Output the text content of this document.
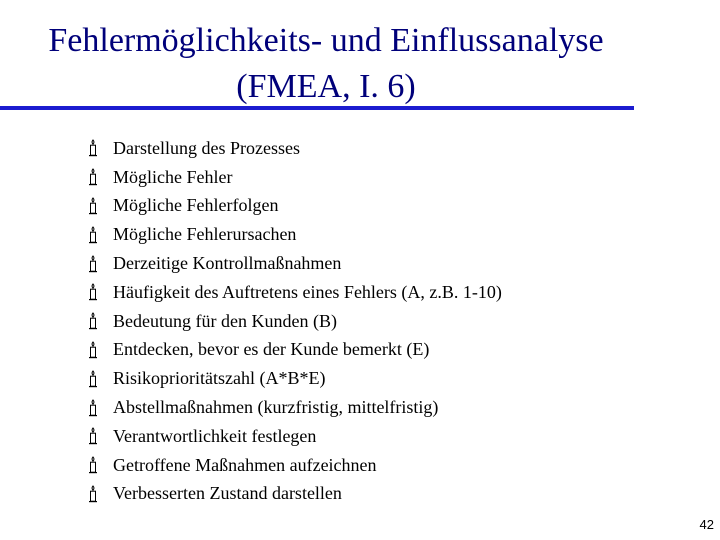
Fehlermöglichkeits- und Einflussanalyse
(FMEA, I. 6)
Darstellung des Prozesses
Mögliche Fehler
Mögliche Fehlerfolgen
Mögliche Fehlerursachen
Derzeitige Kontrollmaßnahmen
Häufigkeit des Auftretens eines Fehlers (A, z.B. 1-10)
Bedeutung für den Kunden (B)
Entdecken, bevor es der Kunde bemerkt (E)
Risikoprioritätszahl (A*B*E)
Abstellmaßnahmen (kurzfristig, mittelfristig)
Verantwortlichkeit festlegen
Getroffene Maßnahmen aufzeichnen
Verbesserten Zustand darstellen
42
